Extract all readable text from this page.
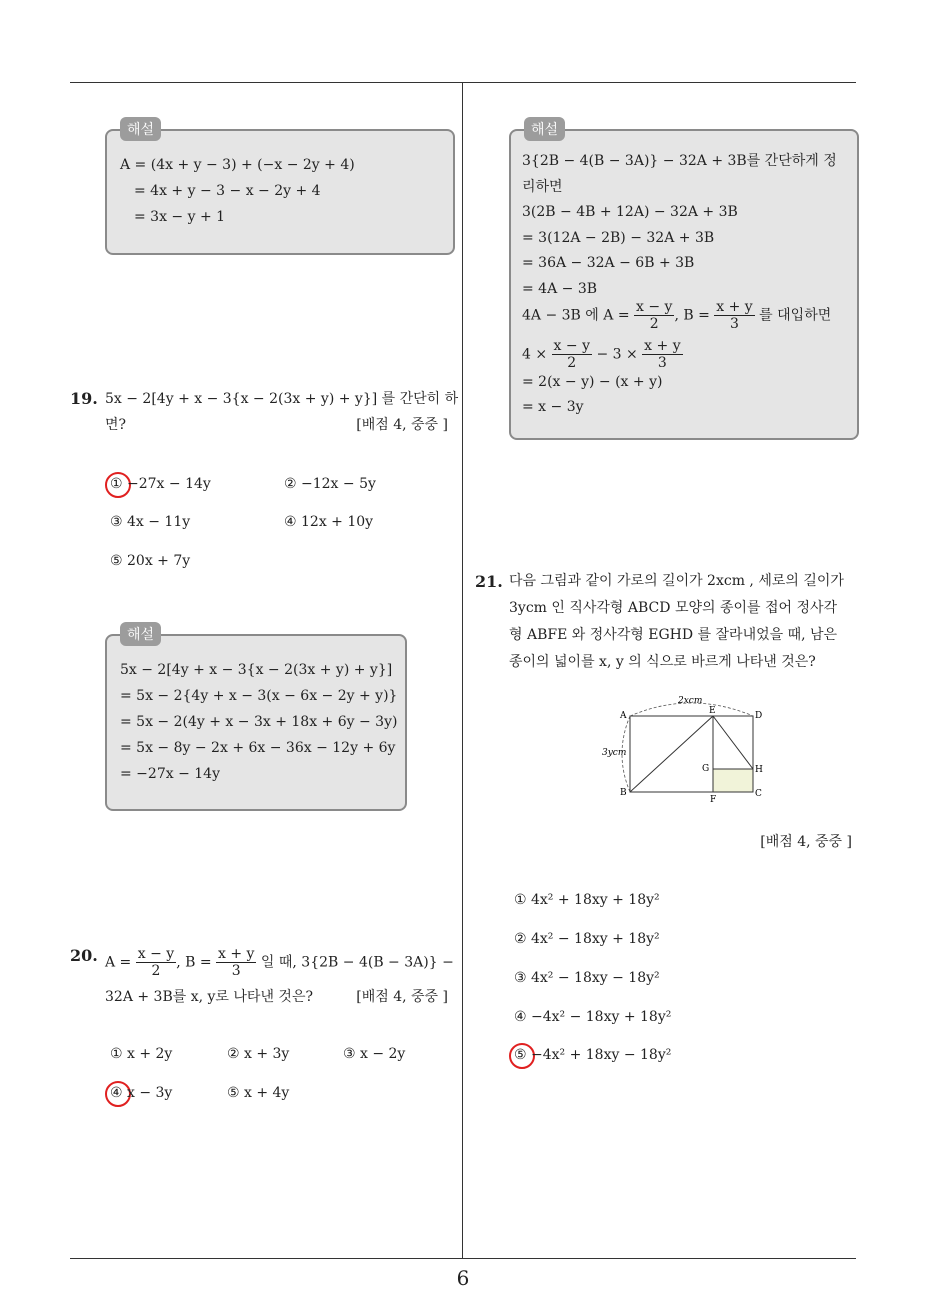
해설
A = (4x + y − 3) + (−x − 2y + 4)
= 4x + y − 3 − x − 2y + 4
= 3x − y + 1
19. 5x − 2[4y + x − 3{x − 2(3x + y) + y}] 를 간단히 하
면?	[배점 4, 중중 ]
① −27x − 14y	② −12x − 5y
③ 4x − 11y	④ 12x + 10y
⑤ 20x + 7y
해설
5x − 2[4y + x − 3{x − 2(3x + y) + y}]
= 5x − 2{4y + x − 3(x − 6x − 2y + y)}
= 5x − 2(4y + x − 3x + 18x + 6y − 3y)
= 5x − 8y − 2x + 6x − 36x − 12y + 6y
= −27x − 14y
20. $A = \frac{x - y}{2}$ , $B = \frac{x + y}{3}$ 일 때, 3{2B − 4(B − 3A)} −
32A + 3B를 x, y로 나타낸 것은?	[배점 4, 중중 ]
① x + 2y	② x + 3y	③ x − 2y
④ x − 3y	⑤ x + 4y
해설
3{2B − 4(B − 3A)} − 32A + 3B를 간단하게 정
리하면
3(2B − 4B + 12A) − 32A + 3B
= 3(12A − 2B) − 32A + 3B
= 36A − 32A − 6B + 3B
= 4A − 3B
4A − 3B 에 $A = \frac{x - y}{2}$ , $B = \frac{x + y}{3}$ 를 대입하면
$4 \times \frac{x - y}{2} - 3 \times \frac{x + y}{3}$
= 2(x − y) − (x + y)
= x − 3y
21. 다음 그림과 같이 가로의 길이가 2xcm , 세로의 길이가
3ycm 인 직사각형 ABCD 모양의 종이를 접어 정사각
형 ABFE 와 정사각형 EGHD 를 잘라내었을 때, 남은
종이의 넓이를 x, y 의 식으로 바르게 나타낸 것은?
2xcm
3ycm
A	E	D
G	H
B
F
C
[배점 4, 중중 ]
① 4x² + 18xy + 18y²
② 4x² − 18xy + 18y²
③ 4x² − 18xy − 18y²
④ −4x² − 18xy + 18y²
⑤ −4x² + 18xy − 18y²
6
